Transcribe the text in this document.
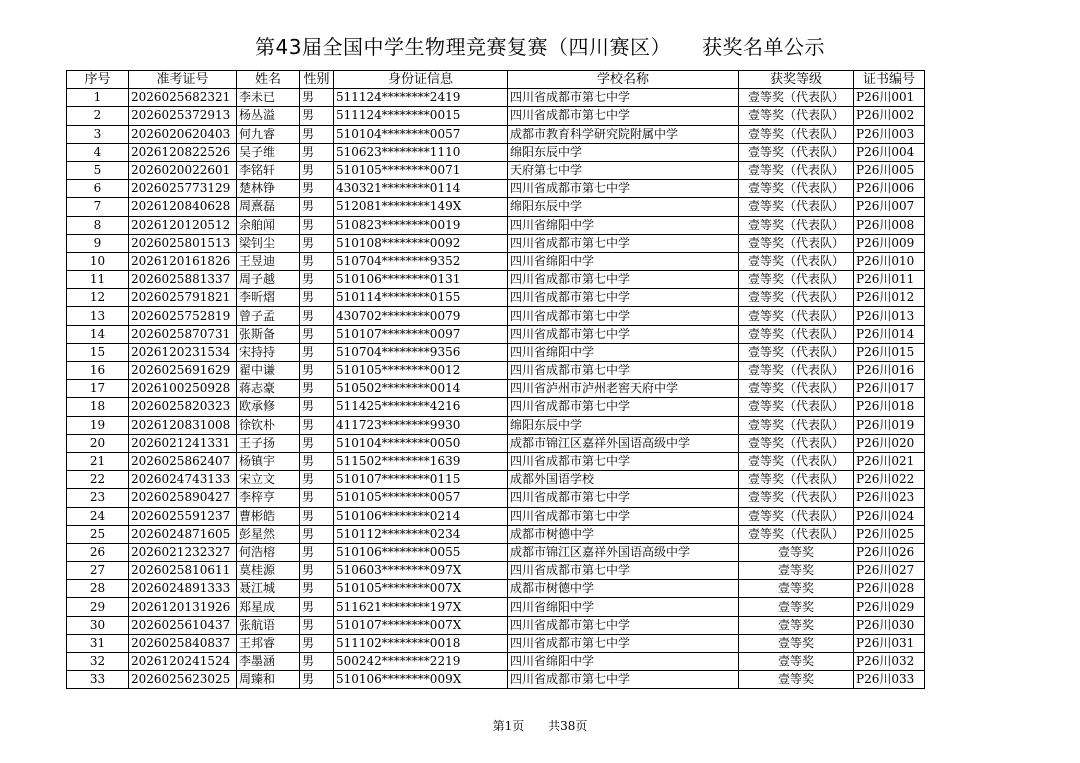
第43届全国中学生物理竞赛复赛（四川赛区）　　获奖名单公示
序号	准考证号	姓名	性别	身份证信息	学校名称	获奖等级	证书编号
1	2026025682321	李未已	男	511124********2419	四川省成都市第七中学	壹等奖（代表队）	P26川001
2	2026025372913	杨丛溢	男	511124********0015	四川省成都市第七中学	壹等奖（代表队）	P26川002
3	2026020620403	何九睿	男	510104********0057	成都市教育科学研究院附属中学	壹等奖（代表队）	P26川003
4	2026120822526	吴子维	男	510623********1110	绵阳东辰中学	壹等奖（代表队）	P26川004
5	2026020022601	李铭轩	男	510105********0071	天府第七中学	壹等奖（代表队）	P26川005
6	2026025773129	楚林铮	男	430321********0114	四川省成都市第七中学	壹等奖（代表队）	P26川006
7	2026120840628	周熹磊	男	512081********149X	绵阳东辰中学	壹等奖（代表队）	P26川007
8	2026120120512	余舶闻	男	510823********0019	四川省绵阳中学	壹等奖（代表队）	P26川008
9	2026025801513	梁钊尘	男	510108********0092	四川省成都市第七中学	壹等奖（代表队）	P26川009
10	2026120161826	王昱迪	男	510704********9352	四川省绵阳中学	壹等奖（代表队）	P26川010
11	2026025881337	周子越	男	510106********0131	四川省成都市第七中学	壹等奖（代表队）	P26川011
12	2026025791821	李昕熠	男	510114********0155	四川省成都市第七中学	壹等奖（代表队）	P26川012
13	2026025752819	曾子孟	男	430702********0079	四川省成都市第七中学	壹等奖（代表队）	P26川013
14	2026025870731	张斯备	男	510107********0097	四川省成都市第七中学	壹等奖（代表队）	P26川014
15	2026120231534	宋持持	男	510704********9356	四川省绵阳中学	壹等奖（代表队）	P26川015
16	2026025691629	翟中谦	男	510105********0012	四川省成都市第七中学	壹等奖（代表队）	P26川016
17	2026100250928	蒋志豪	男	510502********0014	四川省泸州市泸州老窖天府中学	壹等奖（代表队）	P26川017
18	2026025820323	欧承修	男	511425********4216	四川省成都市第七中学	壹等奖（代表队）	P26川018
19	2026120831008	徐钦朴	男	411723********9930	绵阳东辰中学	壹等奖（代表队）	P26川019
20	2026021241331	王子扬	男	510104********0050	成都市锦江区嘉祥外国语高级中学	壹等奖（代表队）	P26川020
21	2026025862407	杨镇宇	男	511502********1639	四川省成都市第七中学	壹等奖（代表队）	P26川021
22	2026024743133	宋立文	男	510107********0115	成都外国语学校	壹等奖（代表队）	P26川022
23	2026025890427	李梓亨	男	510105********0057	四川省成都市第七中学	壹等奖（代表队）	P26川023
24	2026025591237	曹彬皓	男	510106********0214	四川省成都市第七中学	壹等奖（代表队）	P26川024
25	2026024871605	彭星然	男	510112********0234	成都市树德中学	壹等奖（代表队）	P26川025
26	2026021232327	何浩榕	男	510106********0055	成都市锦江区嘉祥外国语高级中学	壹等奖	P26川026
27	2026025810611	莫桂源	男	510603********097X	四川省成都市第七中学	壹等奖	P26川027
28	2026024891333	聂江城	男	510105********007X	成都市树德中学	壹等奖	P26川028
29	2026120131926	郑星成	男	511621********197X	四川省绵阳中学	壹等奖	P26川029
30	2026025610437	张航语	男	510107********007X	四川省成都市第七中学	壹等奖	P26川030
31	2026025840837	王邦睿	男	511102********0018	四川省成都市第七中学	壹等奖	P26川031
32	2026120241524	李墨涵	男	500242********2219	四川省绵阳中学	壹等奖	P26川032
33	2026025623025	周臻和	男	510106********009X	四川省成都市第七中学	壹等奖	P26川033
第1页 共38页
